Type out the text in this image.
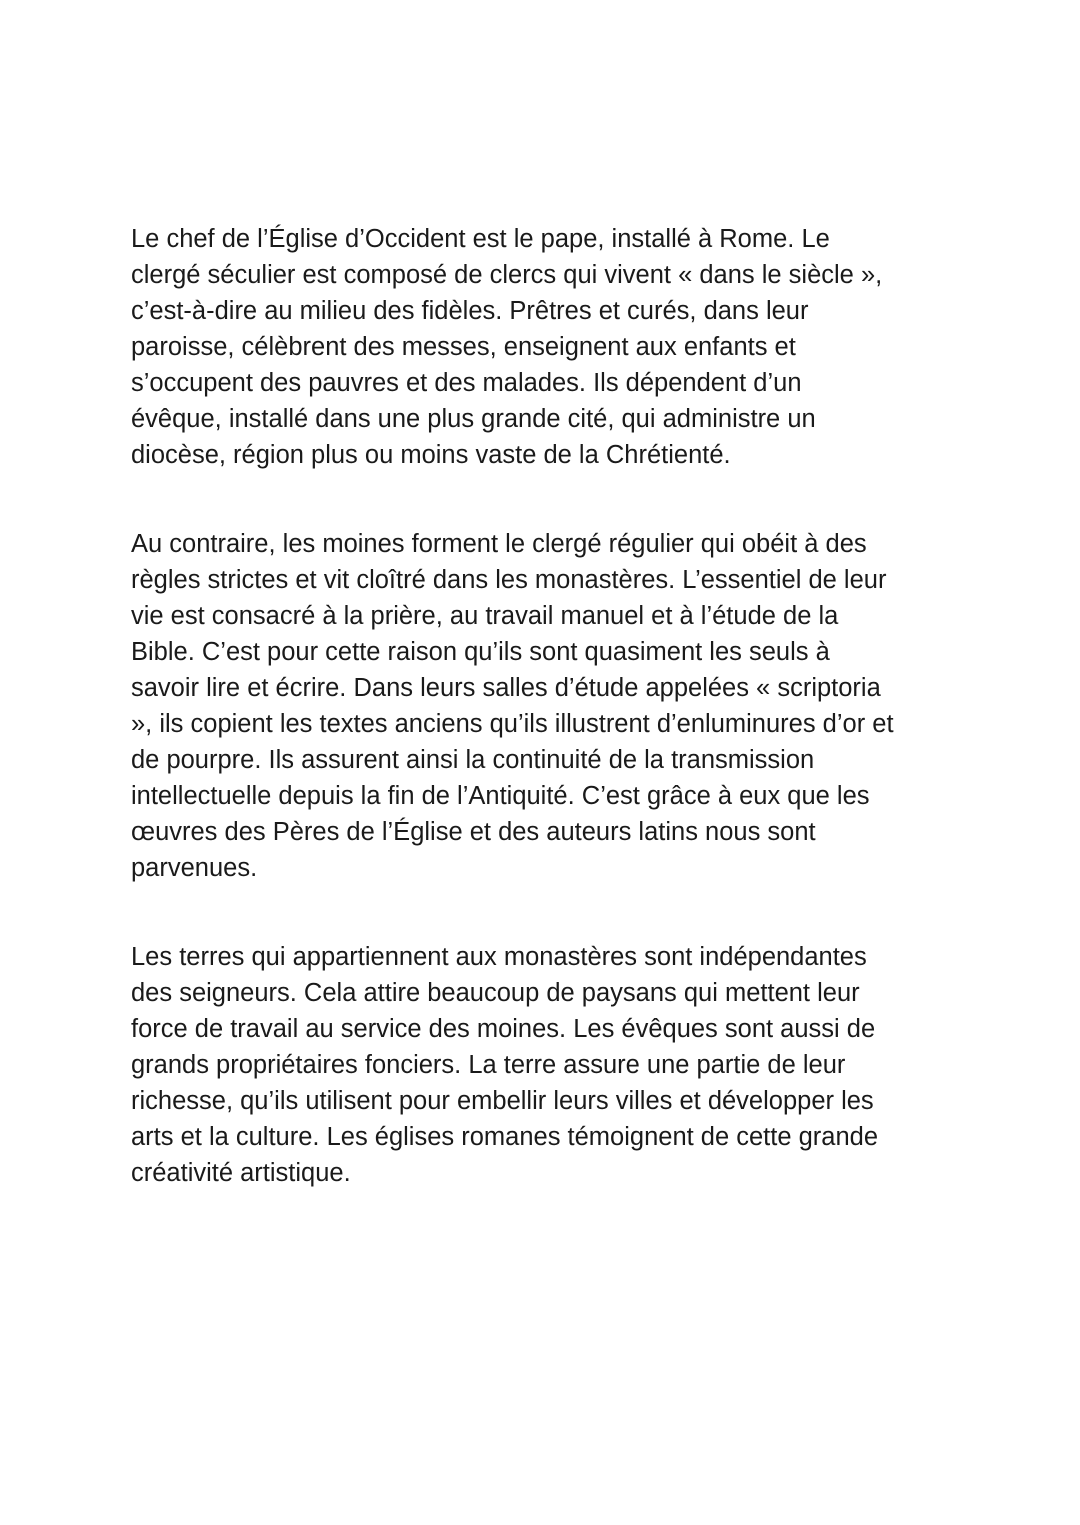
Le chef de l’Église d’Occident est le pape, installé à Rome. Le
clergé séculier est composé de clercs qui vivent « dans le siècle »,
c’est-à-dire au milieu des fidèles. Prêtres et curés, dans leur
paroisse, célèbrent des messes, enseignent aux enfants et
s’occupent des pauvres et des malades. Ils dépendent d’un
évêque, installé dans une plus grande cité, qui administre un
diocèse, région plus ou moins vaste de la Chrétienté.

Au contraire, les moines forment le clergé régulier qui obéit à des
règles strictes et vit cloîtré dans les monastères. L’essentiel de leur
vie est consacré à la prière, au travail manuel et à l’étude de la
Bible. C’est pour cette raison qu’ils sont quasiment les seuls à
savoir lire et écrire. Dans leurs salles d’étude appelées « scriptoria
», ils copient les textes anciens qu’ils illustrent d’enluminures d’or et
de pourpre. Ils assurent ainsi la continuité de la transmission
intellectuelle depuis la fin de l’Antiquité. C’est grâce à eux que les
œuvres des Pères de l’Église et des auteurs latins nous sont
parvenues.

Les terres qui appartiennent aux monastères sont indépendantes
des seigneurs. Cela attire beaucoup de paysans qui mettent leur
force de travail au service des moines. Les évêques sont aussi de
grands propriétaires fonciers. La terre assure une partie de leur
richesse, qu’ils utilisent pour embellir leurs villes et développer les
arts et la culture. Les églises romanes témoignent de cette grande
créativité artistique.
